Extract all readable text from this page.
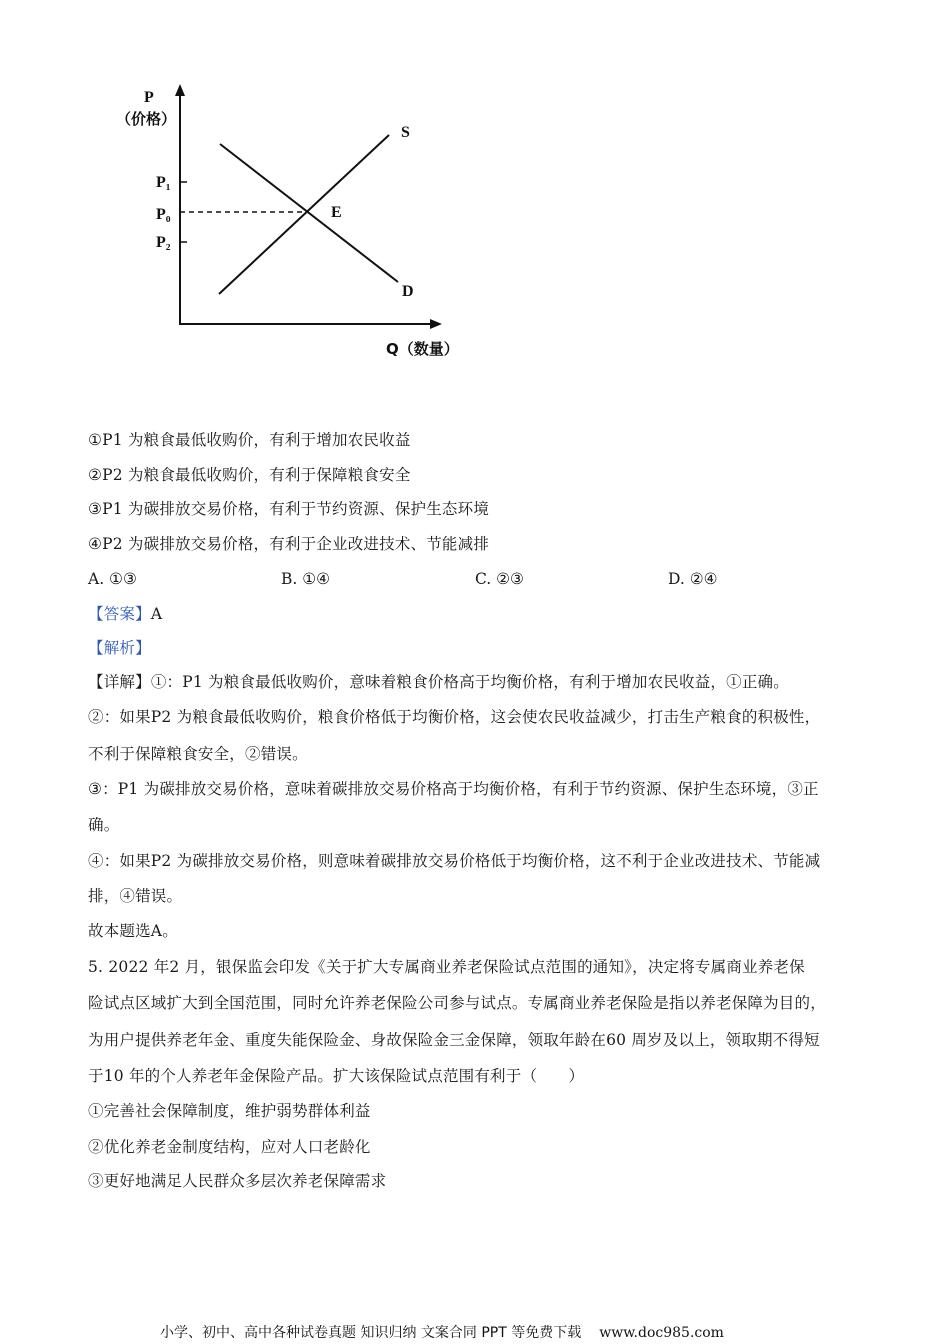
P
（价格）
P₁
P₀
P₂
S
D
E
Q（数量）
①P1 为粮食最低收购价，有利于增加农民收益
②P2 为粮食最低收购价，有利于保障粮食安全
③P1 为碳排放交易价格，有利于节约资源、保护生态环境
④P2 为碳排放交易价格，有利于企业改进技术、节能减排
A. ①③	B. ①④	C. ②③	D. ②④
【答案】A
【解析】
【详解】①：P1 为粮食最低收购价，意味着粮食价格高于均衡价格，有利于增加农民收益，①正确。
②：如果P2 为粮食最低收购价，粮食价格低于均衡价格，这会使农民收益减少，打击生产粮食的积极性，
不利于保障粮食安全，②错误。
③：P1 为碳排放交易价格，意味着碳排放交易价格高于均衡价格，有利于节约资源、保护生态环境，③正
确。
④：如果P2 为碳排放交易价格，则意味着碳排放交易价格低于均衡价格，这不利于企业改进技术、节能减
排，④错误。
故本题选A。
5. 2022 年2 月，银保监会印发《关于扩大专属商业养老保险试点范围的通知》，决定将专属商业养老保
险试点区域扩大到全国范围，同时允许养老保险公司参与试点。专属商业养老保险是指以养老保障为目的，
为用户提供养老年金、重度失能保险金、身故保险金三金保障，领取年龄在60 周岁及以上，领取期不得短
于10 年的个人养老年金保险产品。扩大该保险试点范围有利于（　　）
①完善社会保障制度，维护弱势群体利益
②优化养老金制度结构，应对人口老龄化
③更好地满足人民群众多层次养老保障需求
小学、初中、高中各种试卷真题 知识归纳 文案合同 PPT 等免费下载 www.doc985.com
